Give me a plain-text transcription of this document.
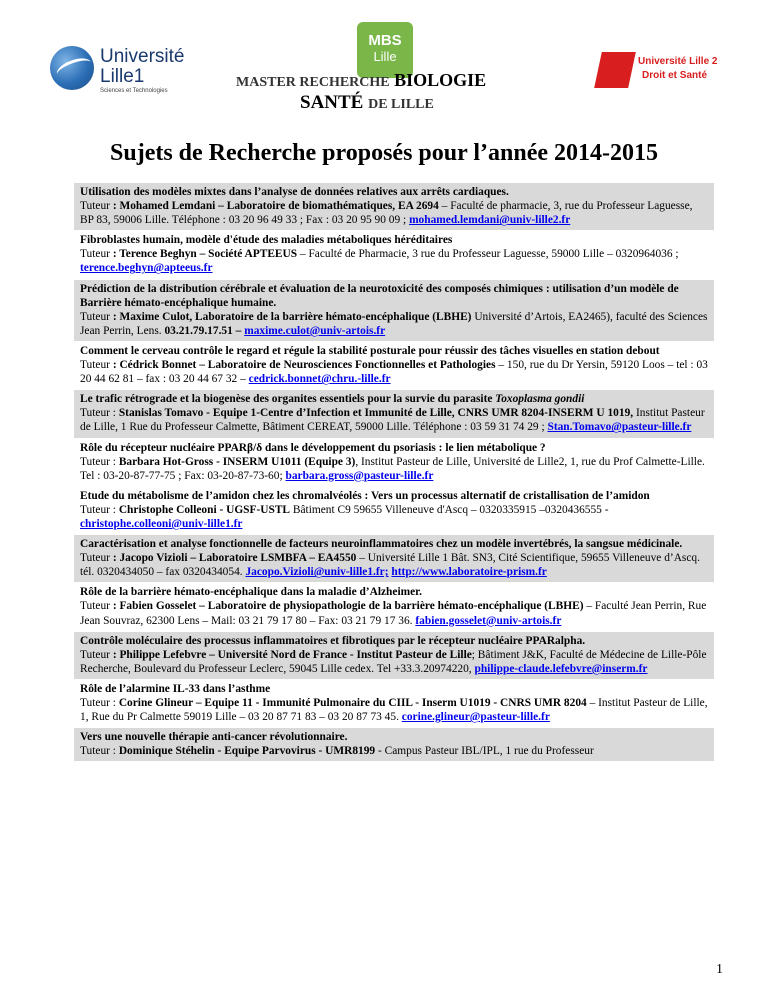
Université
Lille1
Sciences et Technologies
MBS
Lille	Université Lille 2
Droit et Santé
MASTER RECHERCHE BIOLOGIE
SANTÉ DE LILLE
Sujets de Recherche proposés pour l’année 2014-2015
Utilisation des modèles mixtes dans l’analyse de données relatives aux arrêts cardiaques.
Tuteur : Mohamed Lemdani – Laboratoire de biomathématiques, EA 2694 – Faculté de pharmacie, 3, rue du Professeur Laguesse, BP 83, 59006 Lille. Téléphone : 03 20 96 49 33 ; Fax : 03 20 95 90 09 ; mohamed.lemdani@univ-lille2.fr
Fibroblastes humain, modèle d'étude des maladies métaboliques héréditaires
Tuteur : Terence Beghyn – Société APTEEUS – Faculté de Pharmacie, 3 rue du Professeur Laguesse, 59000 Lille – 0320964036 ; terence.beghyn@apteeus.fr
Prédiction de la distribution cérébrale et évaluation de la neurotoxicité des composés chimiques : utilisation d’un modèle de Barrière hémato-encéphalique humaine.
Tuteur : Maxime Culot, Laboratoire de la barrière hémato-encéphalique (LBHE) Université d’Artois, EA2465), faculté des Sciences Jean Perrin, Lens. 03.21.79.17.51 – maxime.culot@univ-artois.fr
Comment le cerveau contrôle le regard et régule la stabilité posturale pour réussir des tâches visuelles en station debout
Tuteur : Cédrick Bonnet – Laboratoire de Neurosciences Fonctionnelles et Pathologies – 150, rue du Dr Yersin, 59120 Loos – tel : 03 20 44 62 81 – fax : 03 20 44 67 32 – cedrick.bonnet@chru.-lille.fr
Le trafic rétrograde et la biogenèse des organites essentiels pour la survie du parasite Toxoplasma gondii
Tuteur : Stanislas Tomavo - Equipe 1-Centre d’Infection et Immunité de Lille, CNRS UMR 8204-INSERM U 1019, Institut Pasteur de Lille, 1 Rue du Professeur Calmette, Bâtiment CEREAT, 59000 Lille. Téléphone : 03 59 31 74 29 ; Stan.Tomavo@pasteur-lille.fr
Rôle du récepteur nucléaire PPARβ/δ dans le développement du psoriasis : le lien métabolique ?
Tuteur : Barbara Hot-Gross - INSERM U1011 (Equipe 3), Institut Pasteur de Lille, Université de Lille2, 1, rue du Prof Calmette-Lille. Tel : 03-20-87-77-75 ; Fax: 03-20-87-73-60; barbara.gross@pasteur-lille.fr
Etude du métabolisme de l’amidon chez les chromalvéolés : Vers un processus alternatif de cristallisation de l’amidon
Tuteur : Christophe Colleoni - UGSF-USTL Bâtiment C9 59655 Villeneuve d'Ascq – 0320335915 –0320436555 - christophe.colleoni@univ-lille1.fr
Caractérisation et analyse fonctionnelle de facteurs neuroinflammatoires chez un modèle invertébrés, la sangsue médicinale.
Tuteur : Jacopo Vizioli – Laboratoire LSMBFA – EA4550 – Université Lille 1 Bât. SN3, Cité Scientifique, 59655 Villeneuve d’Ascq. tél. 0320434050 – fax 0320434054. Jacopo.Vizioli@univ-lille1.fr; http://www.laboratoire-prism.fr
Rôle de la barrière hémato-encéphalique dans la maladie d’Alzheimer.
Tuteur : Fabien Gosselet – Laboratoire de physiopathologie de la barrière hémato-encéphalique (LBHE) – Faculté Jean Perrin, Rue Jean Souvraz, 62300 Lens – Mail: 03 21 79 17 80 – Fax: 03 21 79 17 36. fabien.gosselet@univ-artois.fr
Contrôle moléculaire des processus inflammatoires et fibrotiques par le récepteur nucléaire PPARalpha.
Tuteur : Philippe Lefebvre – Université Nord de France - Institut Pasteur de Lille; Bâtiment J&K, Faculté de Médecine de Lille-Pôle Recherche, Boulevard du Professeur Leclerc, 59045 Lille cedex. Tel +33.3.20974220, philippe-claude.lefebvre@inserm.fr
Rôle de l’alarmine IL-33 dans l’asthme
Tuteur : Corine Glineur – Equipe 11 - Immunité Pulmonaire du CIIL - Inserm U1019 - CNRS UMR 8204 – Institut Pasteur de Lille, 1, Rue du Pr Calmette 59019 Lille – 03 20 87 71 83 – 03 20 87 73 45. corine.glineur@pasteur-lille.fr
Vers une nouvelle thérapie anti-cancer révolutionnaire.
Tuteur : Dominique Stéhelin - Equipe Parvovirus - UMR8199 - Campus Pasteur IBL/IPL, 1 rue du Professeur
1
